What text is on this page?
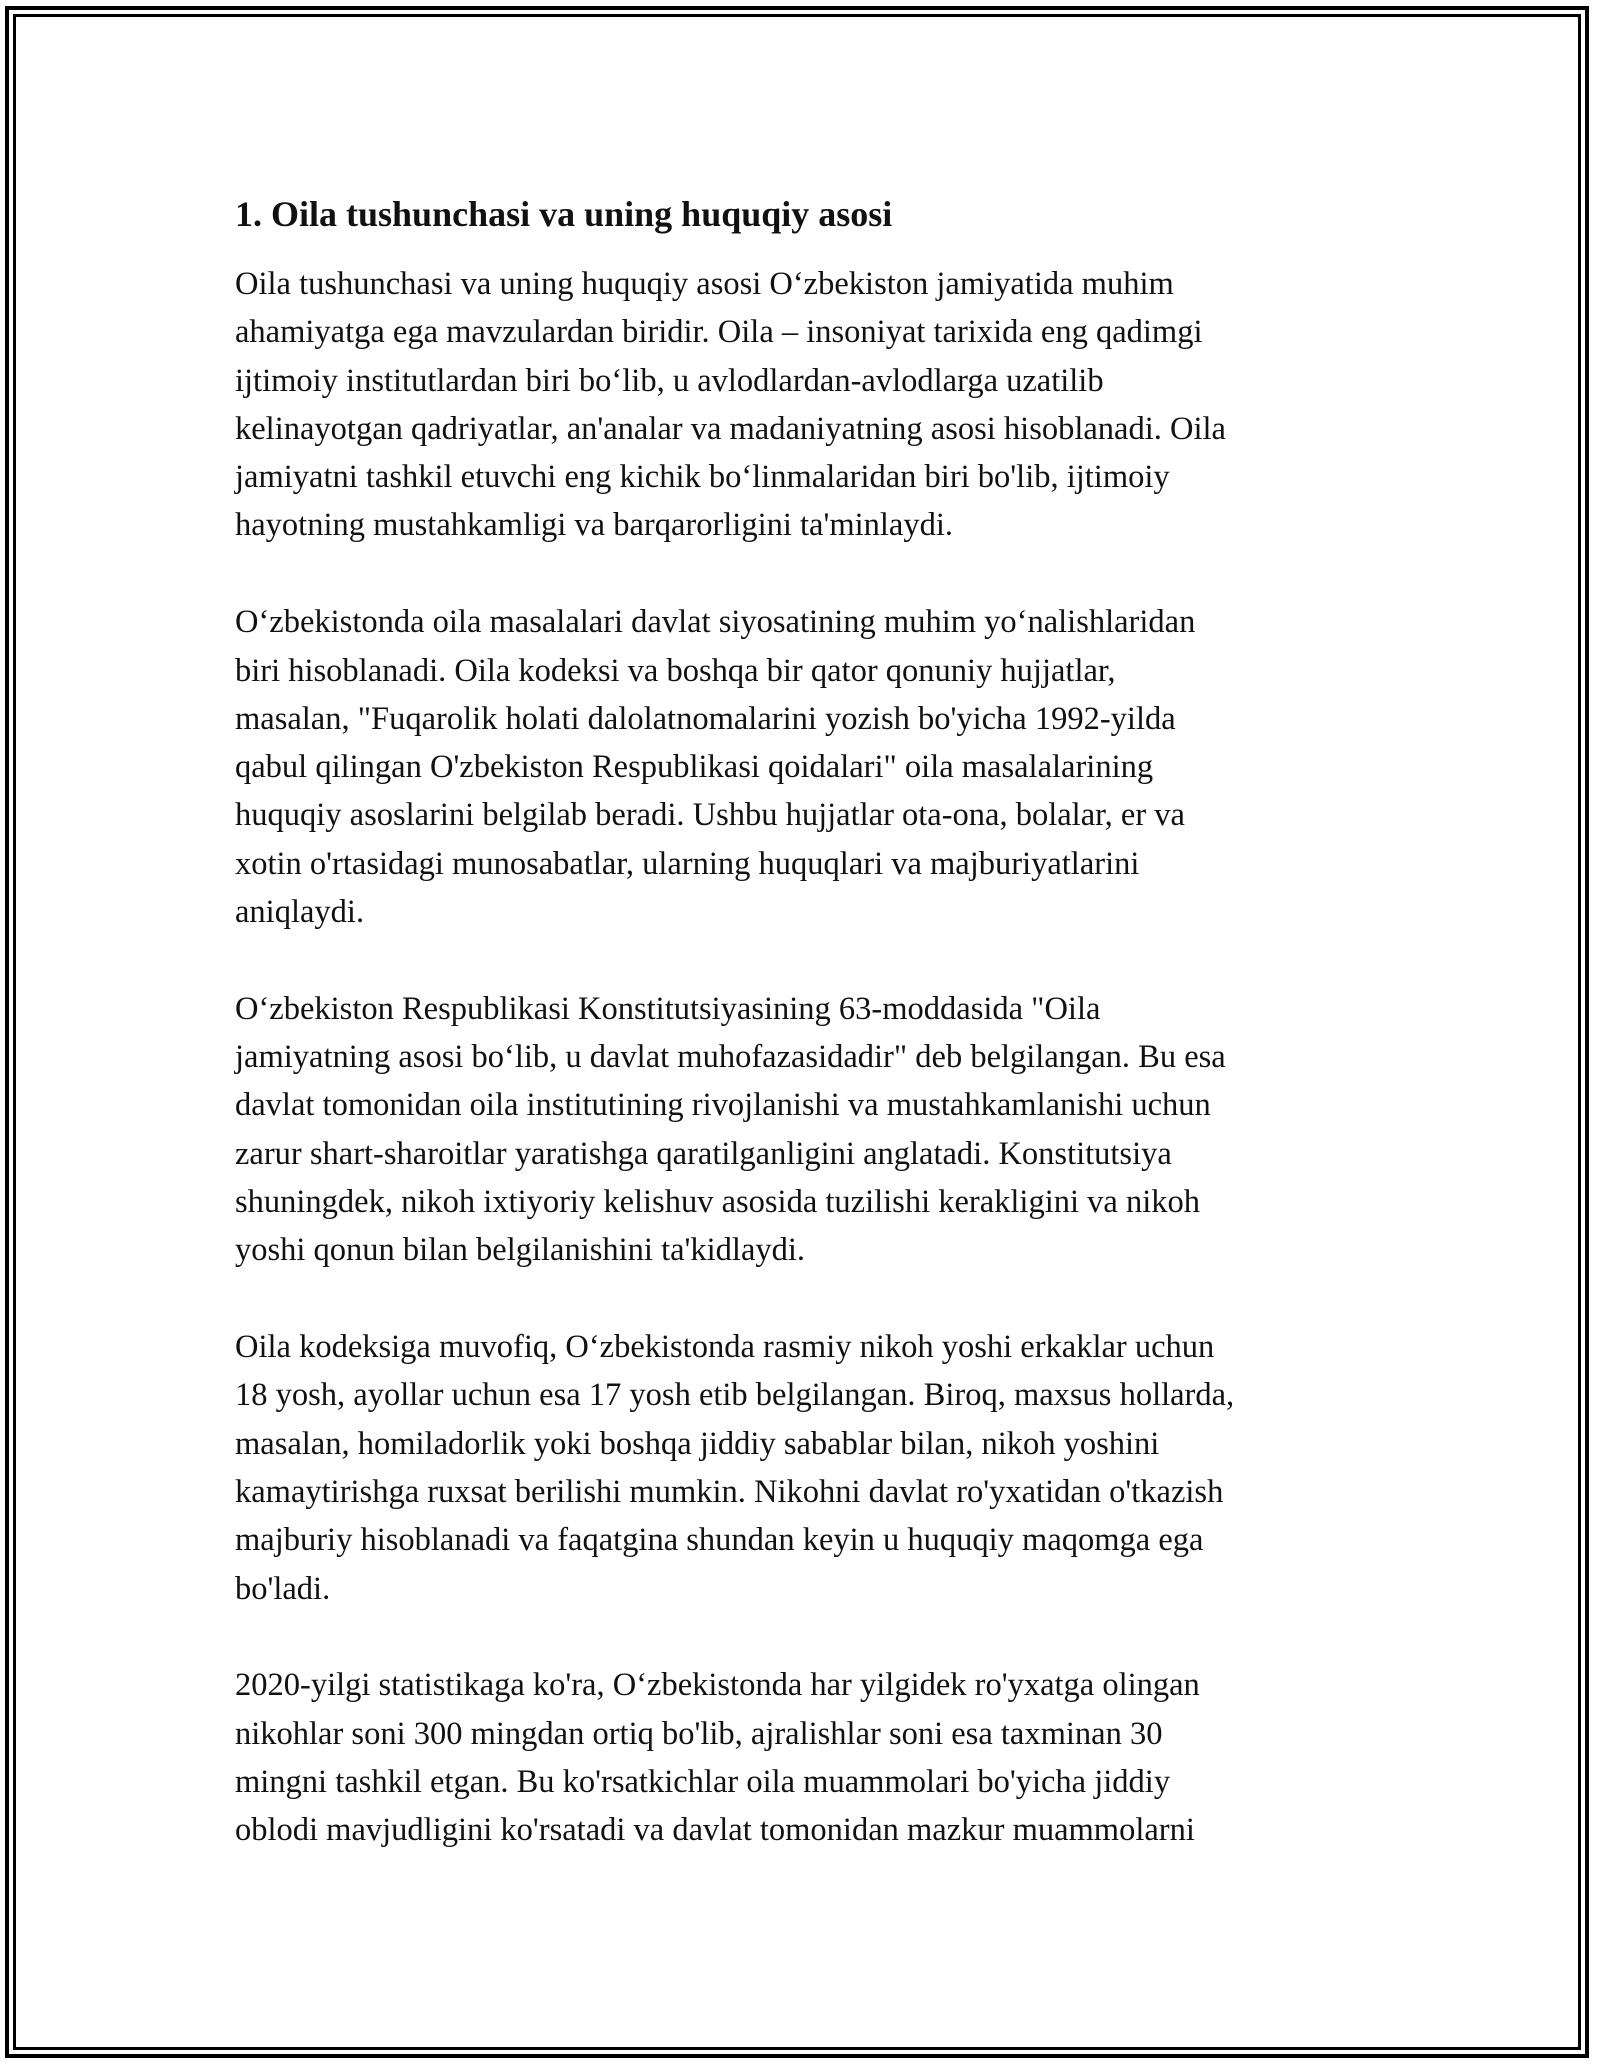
1. Oila tushunchasi va uning huquqiy asosi
Oila tushunchasi va uning huquqiy asosi O‘zbekiston jamiyatida muhim
ahamiyatga ega mavzulardan biridir. Oila – insoniyat tarixida eng qadimgi
ijtimoiy institutlardan biri bo‘lib, u avlodlardan-avlodlarga uzatilib
kelinayotgan qadriyatlar, an'analar va madaniyatning asosi hisoblanadi. Oila
jamiyatni tashkil etuvchi eng kichik bo‘linmalaridan biri bo'lib, ijtimoiy
hayotning mustahkamligi va barqarorligini ta'minlaydi.
O‘zbekistonda oila masalalari davlat siyosatining muhim yo‘nalishlaridan
biri hisoblanadi. Oila kodeksi va boshqa bir qator qonuniy hujjatlar,
masalan, "Fuqarolik holati dalolatnomalarini yozish bo'yicha 1992-yilda
qabul qilingan O'zbekiston Respublikasi qoidalari" oila masalalarining
huquqiy asoslarini belgilab beradi. Ushbu hujjatlar ota-ona, bolalar, er va
xotin o'rtasidagi munosabatlar, ularning huquqlari va majburiyatlarini
aniqlaydi.
O‘zbekiston Respublikasi Konstitutsiyasining 63-moddasida "Oila
jamiyatning asosi bo‘lib, u davlat muhofazasidadir" deb belgilangan. Bu esa
davlat tomonidan oila institutining rivojlanishi va mustahkamlanishi uchun
zarur shart-sharoitlar yaratishga qaratilganligini anglatadi. Konstitutsiya
shuningdek, nikoh ixtiyoriy kelishuv asosida tuzilishi kerakligini va nikoh
yoshi qonun bilan belgilanishini ta'kidlaydi.
Oila kodeksiga muvofiq, O‘zbekistonda rasmiy nikoh yoshi erkaklar uchun
18 yosh, ayollar uchun esa 17 yosh etib belgilangan. Biroq, maxsus hollarda,
masalan, homiladorlik yoki boshqa jiddiy sabablar bilan, nikoh yoshini
kamaytirishga ruxsat berilishi mumkin. Nikohni davlat ro'yxatidan o'tkazish
majburiy hisoblanadi va faqatgina shundan keyin u huquqiy maqomga ega
bo'ladi.
2020-yilgi statistikaga ko'ra, O‘zbekistonda har yilgidek ro'yxatga olingan
nikohlar soni 300 mingdan ortiq bo'lib, ajralishlar soni esa taxminan 30
mingni tashkil etgan. Bu ko'rsatkichlar oila muammolari bo'yicha jiddiy
oblodi mavjudligini ko'rsatadi va davlat tomonidan mazkur muammolarni
